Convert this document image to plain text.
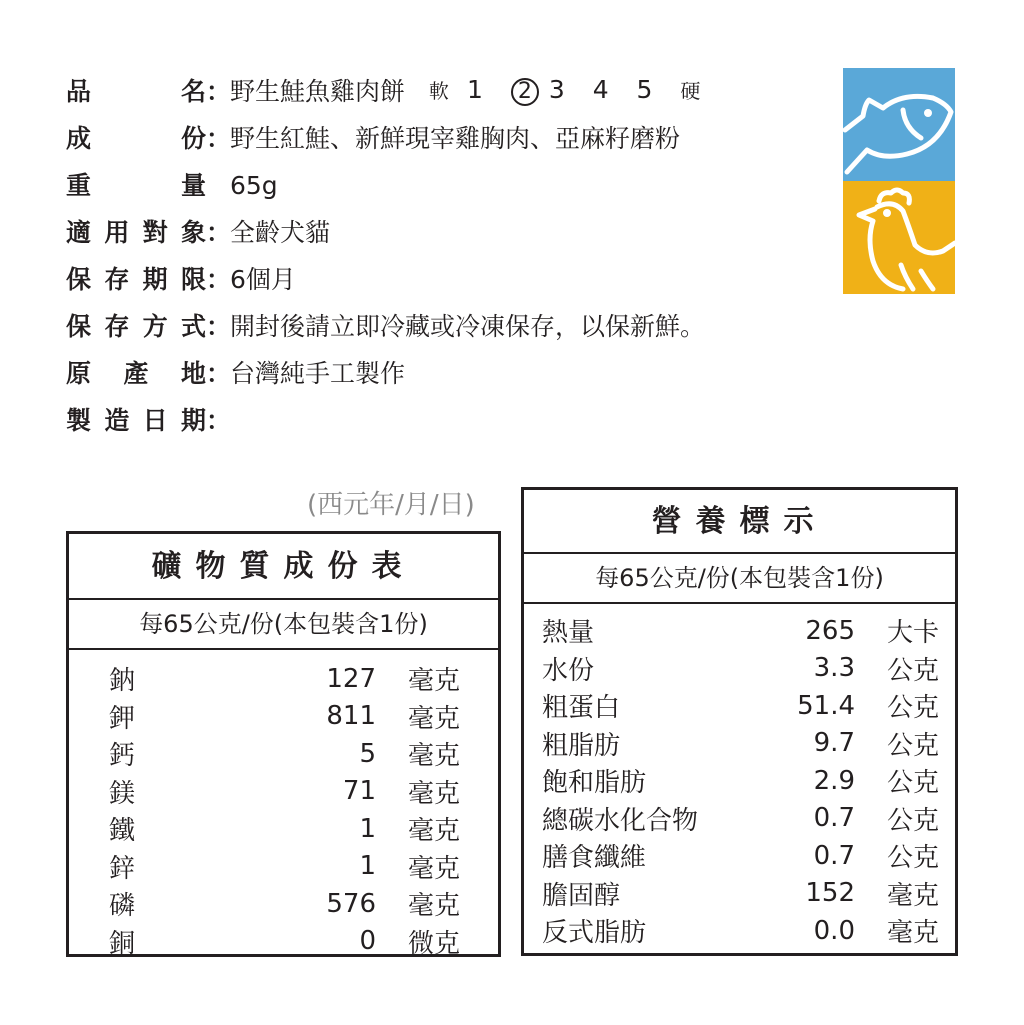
品	名 ：
野生鮭魚雞肉餅 軟 1 2 3 4 5 硬
成	份 ：
野生紅鮭、新鮮現宰雞胸肉、亞麻籽磨粉
重	量 65g
適 用 對 象 ：
全齡犬貓
保 存 期 限 ：
6個月
保 存 方 式 ：
開封後請立即冷藏或冷凍保存，以保新鮮。
原 產 地 ：
台灣純手工製作
製 造 日 期 ：
(西元年/月/日)
礦物質成份表
每65公克/份(本包裝含1份)
鈉	127	毫克
鉀	811	毫克
鈣	5	毫克
鎂	71	毫克
鐵	1	毫克
鋅	1	毫克
磷	576	毫克
銅	0	微克
營養標示
每65公克/份(本包裝含1份)
熱量	265	大卡
水份	3.3	公克
粗蛋白	51.4	公克
粗脂肪	9.7	公克
飽和脂肪	2.9	公克
總碳水化合物	0.7	公克
膳食纖維	0.7	公克
膽固醇	152	毫克
反式脂肪	0.0	毫克
